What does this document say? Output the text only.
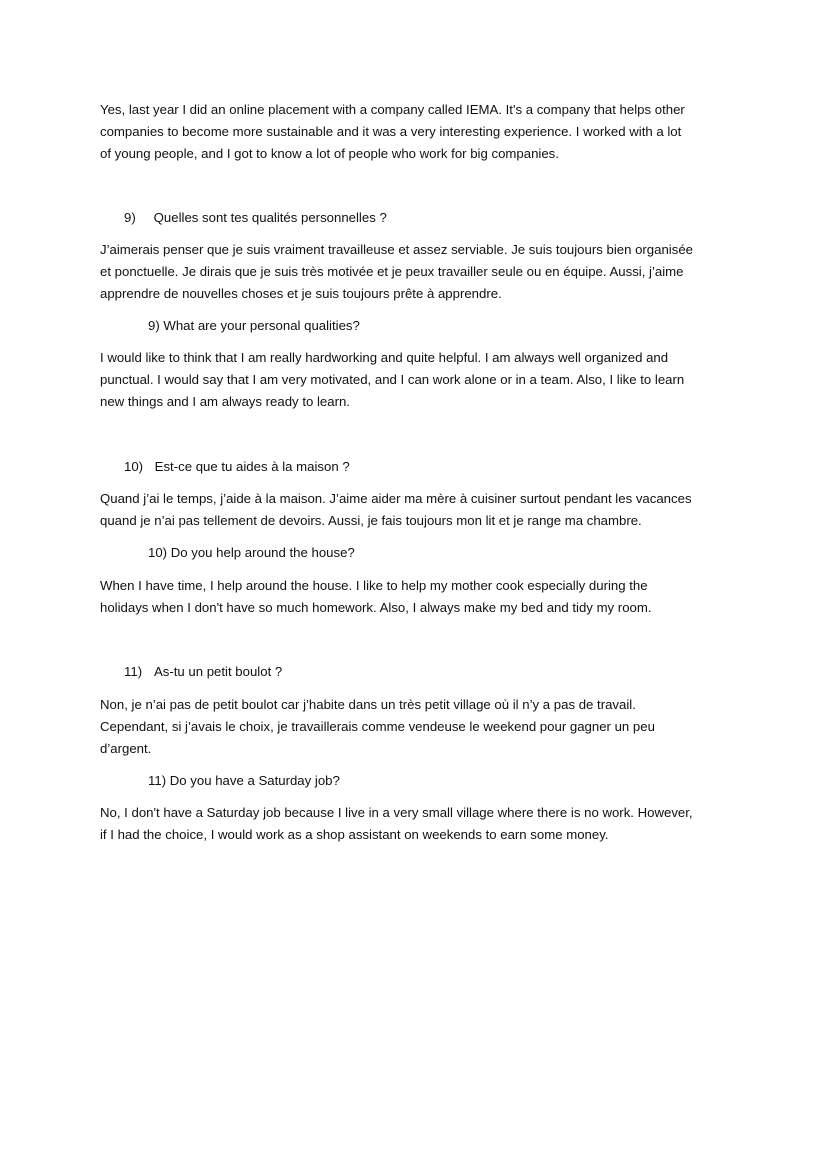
Yes, last year I did an online placement with a company called IEMA. It's a company that helps other
companies to become more sustainable and it was a very interesting experience. I worked with a lot
of young people, and I got to know a lot of people who work for big companies.

9) Quelles sont tes qualités personnelles ?

J’aimerais penser que je suis vraiment travailleuse et assez serviable. Je suis toujours bien organisée
et ponctuelle. Je dirais que je suis très motivée et je peux travailler seule ou en équipe. Aussi, j’aime
apprendre de nouvelles choses et je suis toujours prête à apprendre.

9) What are your personal qualities?

I would like to think that I am really hardworking and quite helpful. I am always well organized and
punctual. I would say that I am very motivated, and I can work alone or in a team. Also, I like to learn
new things and I am always ready to learn.

10) Est-ce que tu aides à la maison ?

Quand j’ai le temps, j’aide à la maison. J’aime aider ma mère à cuisiner surtout pendant les vacances
quand je n’ai pas tellement de devoirs. Aussi, je fais toujours mon lit et je range ma chambre.

10) Do you help around the house?

When I have time, I help around the house. I like to help my mother cook especially during the
holidays when I don't have so much homework. Also, I always make my bed and tidy my room.

11) As-tu un petit boulot ?

Non, je n’ai pas de petit boulot car j’habite dans un très petit village où il n’y a pas de travail.
Cependant, si j’avais le choix, je travaillerais comme vendeuse le weekend pour gagner un peu
d’argent.

11) Do you have a Saturday job?

No, I don't have a Saturday job because I live in a very small village where there is no work. However,
if I had the choice, I would work as a shop assistant on weekends to earn some money.
